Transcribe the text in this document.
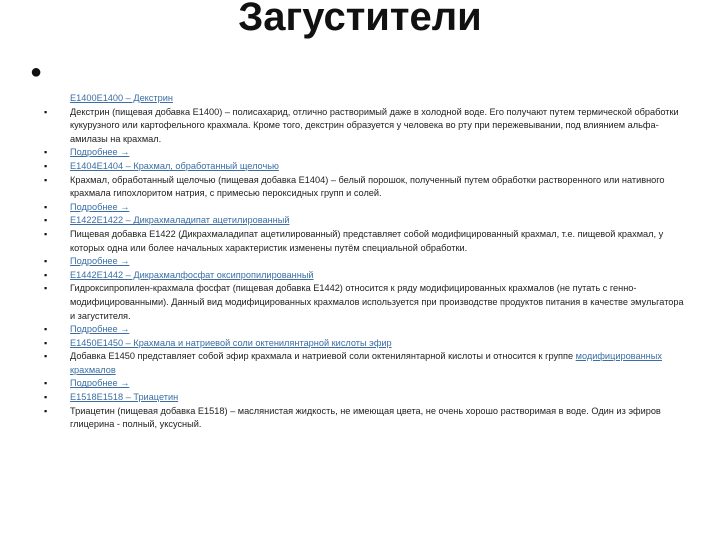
Загустители
●
Е1400Е1400 – Декстрин
▪ Декстрин (пищевая добавка Е1400) – полисахарид, отлично растворимый даже в холодной воде. Его получают путем термической обработки кукурузного или картофельного крахмала. Кроме того, декстрин образуется у человека во рту при пережевывании, под влиянием альфа-амилазы на крахмал.
▪ Подробнее →
▪ Е1404Е1404 – Крахмал, обработанный щелочью
▪ Крахмал, обработанный щелочью (пищевая добавка Е1404) – белый порошок, полученный путем обработки растворенного или нативного крахмала гипохлоритом натрия, с примесью пероксидных групп и солей.
▪ Подробнее →
▪ Е1422Е1422 – Дикрахмаладипат ацетилированный
▪ Пищевая добавка Е1422 (Дикрахмаладипат ацетилированный) представляет собой модифицированный крахмал, т.е. пищевой крахмал, у которых одна или более начальных характеристик изменены путём специальной обработки.
▪ Подробнее →
▪ Е1442Е1442 – Дикрахмалфосфат оксипропилированный
▪ Гидроксипропилен-крахмала фосфат (пищевая добавка Е1442) относится к ряду модифицированных крахмалов (не путать с генно-модифицированными). Данный вид модифицированных крахмалов используется при производстве продуктов питания в качестве эмульгатора и загустителя.
▪ Подробнее →
▪ Е1450Е1450 – Крахмала и натриевой соли октенилянтарной кислоты эфир
▪ Добавка Е1450 представляет собой эфир крахмала и натриевой соли октенилянтарной кислоты и относится к группе модифицированных крахмалов
▪ Подробнее →
▪ Е1518Е1518 – Триацетин
▪ Триацетин (пищевая добавка Е1518) – маслянистая жидкость, не имеющая цвета, не очень хорошо растворимая в воде. Один из эфиров глицерина - полный, уксусный.
